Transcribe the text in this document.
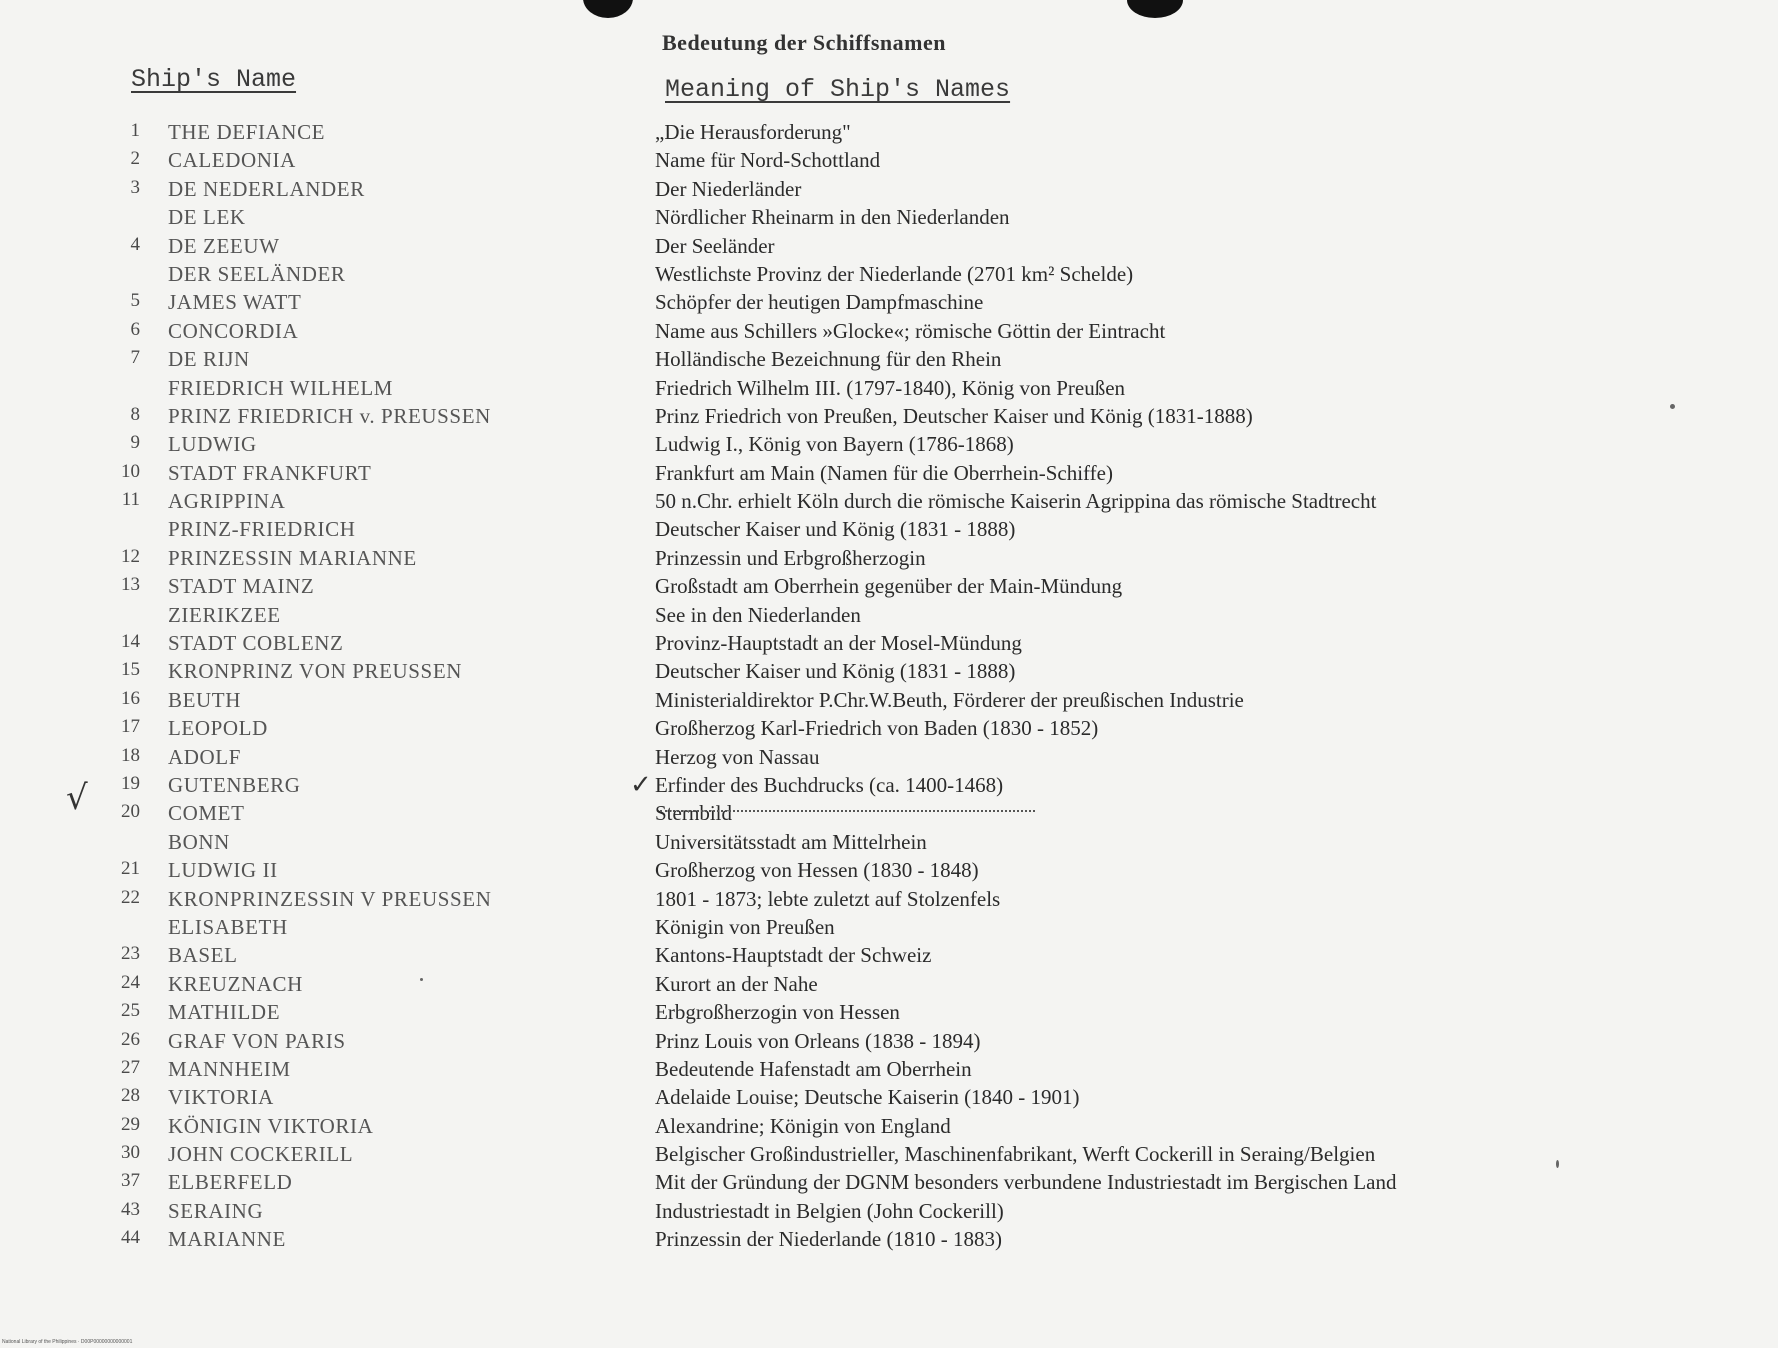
Bedeutung der Schiffsnamen
Ship's Name	Meaning of Ship's Names
1 THE DEFIANCE	„Die Herausforderung"
2 CALEDONIA	Name für Nord-Schottland
3 DE NEDERLANDER	Der Niederländer
DE LEK	Nördlicher Rheinarm in den Niederlanden
4 DE ZEEUW	Der Seeländer
DER SEELÄNDER	Westlichste Provinz der Niederlande (2701 km² Schelde)
5 JAMES WATT	Schöpfer der heutigen Dampfmaschine
6 CONCORDIA	Name aus Schillers »Glocke«; römische Göttin der Eintracht
7 DE RIJN	Holländische Bezeichnung für den Rhein
FRIEDRICH WILHELM	Friedrich Wilhelm III. (1797-1840), König von Preußen
8 PRINZ FRIEDRICH v. PREUSSEN	Prinz Friedrich von Preußen, Deutscher Kaiser und König (1831-1888)
9 LUDWIG	Ludwig I., König von Bayern (1786-1868)
10 STADT FRANKFURT	Frankfurt am Main (Namen für die Oberrhein-Schiffe)
11 AGRIPPINA	50 n.Chr. erhielt Köln durch die römische Kaiserin Agrippina das römische Stadtrecht
PRINZ-FRIEDRICH	Deutscher Kaiser und König (1831 - 1888)
12 PRINZESSIN MARIANNE	Prinzessin und Erbgroßherzogin
13 STADT MAINZ	Großstadt am Oberrhein gegenüber der Main-Mündung
ZIERIKZEE	See in den Niederlanden
14 STADT COBLENZ	Provinz-Hauptstadt an der Mosel-Mündung
15 KRONPRINZ VON PREUSSEN	Deutscher Kaiser und König (1831 - 1888)
16 BEUTH	Ministerialdirektor P.Chr.W.Beuth, Förderer der preußischen Industrie
17 LEOPOLD	Großherzog Karl-Friedrich von Baden (1830 - 1852)
18 ADOLF	Herzog von Nassau
19 GUTENBERG	Erfinder des Buchdrucks (ca. 1400-1468)
20 COMET	Sternbild
BONN	Universitätsstadt am Mittelrhein
21 LUDWIG II	Großherzog von Hessen (1830 - 1848)
22 KRONPRINZESSIN V PREUSSEN	1801 - 1873; lebte zuletzt auf Stolzenfels
ELISABETH	Königin von Preußen
23 BASEL	Kantons-Hauptstadt der Schweiz
24 KREUZNACH	Kurort an der Nahe
25 MATHILDE	Erbgroßherzogin von Hessen
26 GRAF VON PARIS	Prinz Louis von Orleans (1838 - 1894)
27 MANNHEIM	Bedeutende Hafenstadt am Oberrhein
28 VIKTORIA	Adelaide Louise; Deutsche Kaiserin (1840 - 1901)
29 KÖNIGIN VIKTORIA	Alexandrine; Königin von England
30 JOHN COCKERILL	Belgischer Großindustrieller, Maschinenfabrikant, Werft Cockerill in Seraing/Belgien
37 ELBERFELD	Mit der Gründung der DGNM besonders verbundene Industriestadt im Bergischen Land
43 SERAING	Industriestadt in Belgien (John Cockerill)
44 MARIANNE	Prinzessin der Niederlande (1810 - 1883)
√	✓
National Library of the Philippines · D00P00000000000001
